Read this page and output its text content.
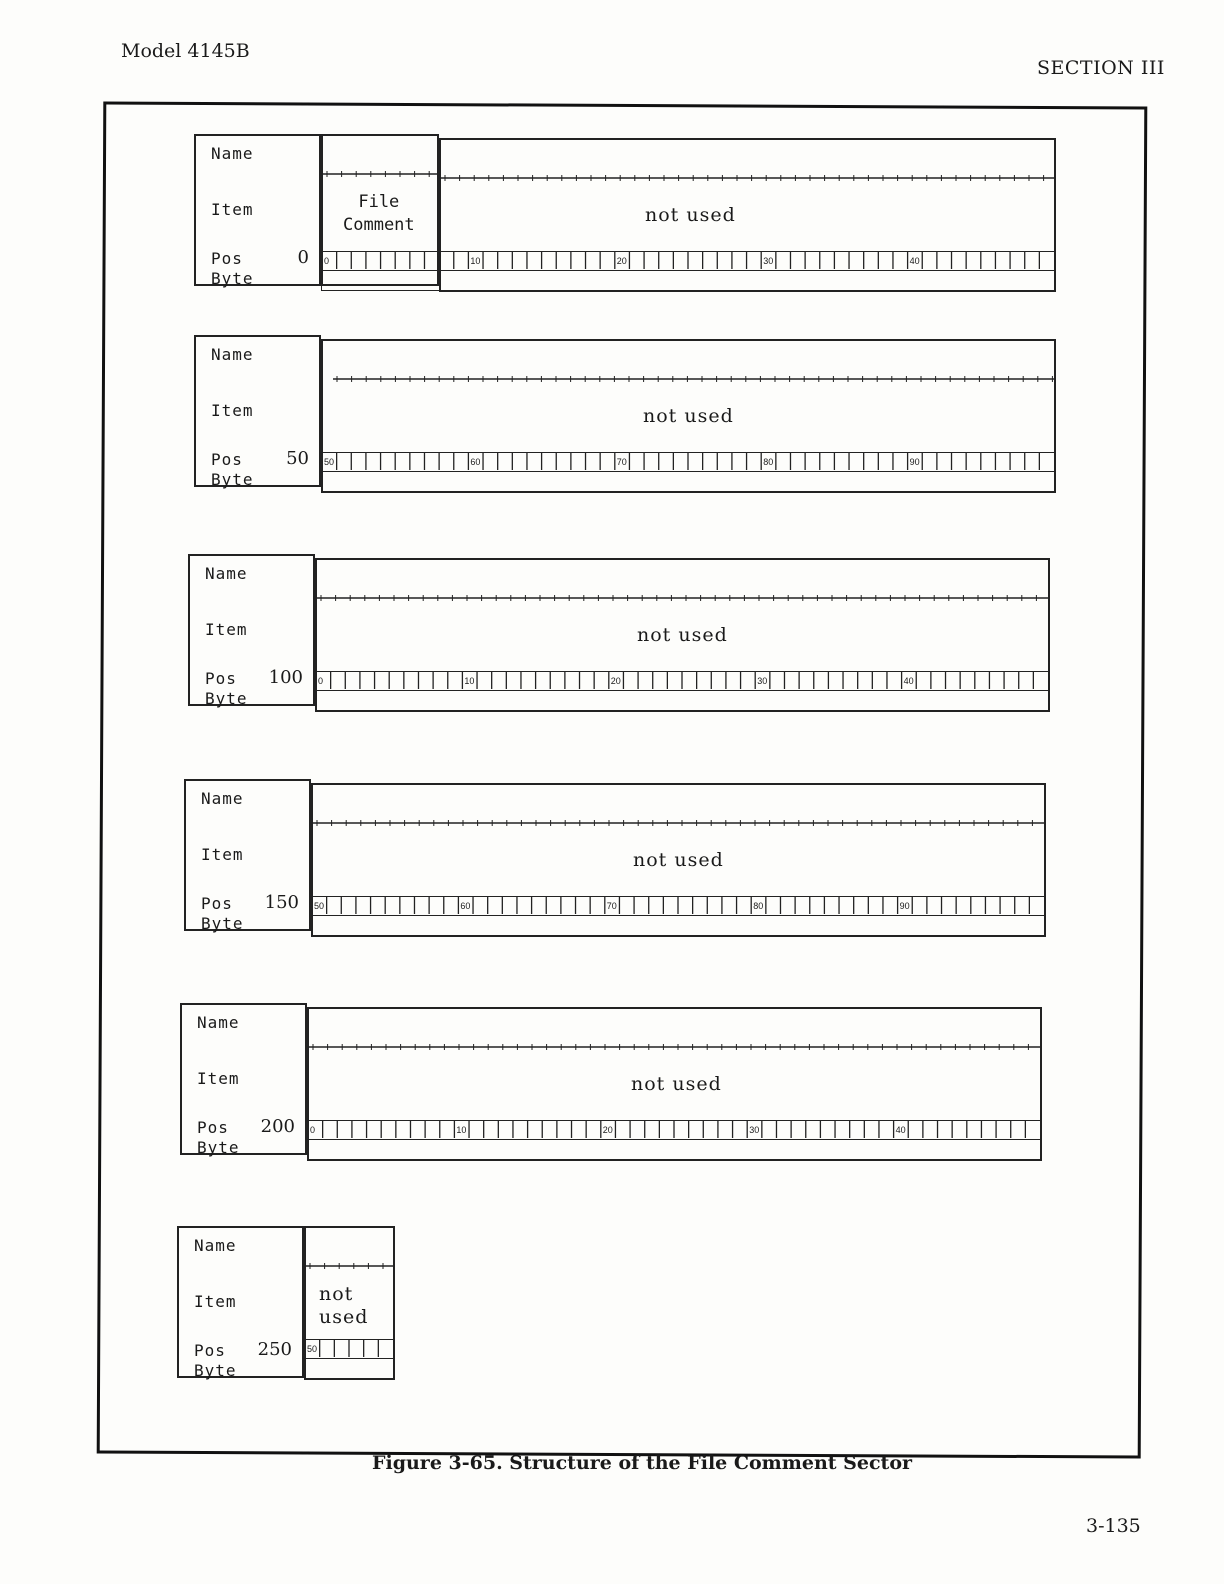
Model 4145B
SECTION III
Name
Item
Pos
Byte
0
File
Comment	not used
0	10	20	30	40
Name
Item
Pos
Byte
50
not used
50	60	70	80	90
Name
Item
Pos
Byte
100
not used
0	10	20	30	40
Name
Item
Pos
Byte
150
not used
50	60	70	80	90
Name
Item
Pos
Byte
200
not used
0	10	20	30	40
Name
Item
Pos
Byte
250
not
used
50
Figure 3-65. Structure of the File Comment Sector
3-135
